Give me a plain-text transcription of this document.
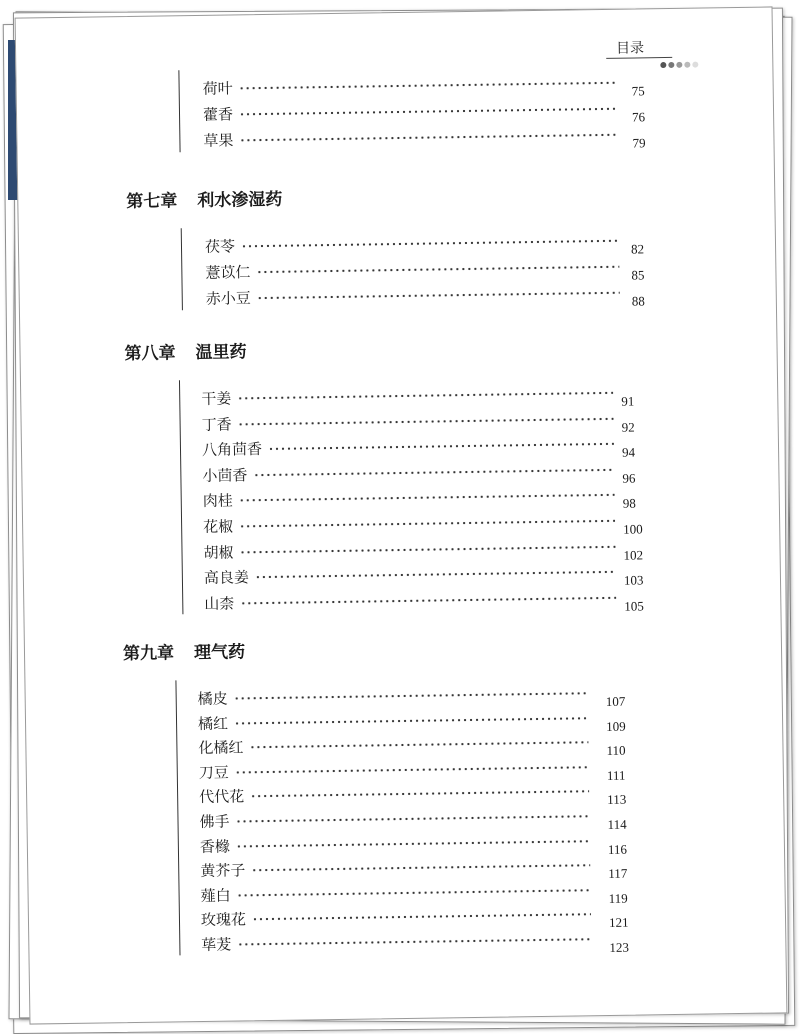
目录
荷叶	75
藿香	76
草果	79
第七章 利水渗湿药
茯苓	82
薏苡仁	85
赤小豆	88
第八章 温里药
干姜	91
丁香	92
八角茴香	94
小茴香	96
肉桂	98
花椒	100
胡椒	102
高良姜	103
山柰	105
第九章 理气药
橘皮	107
橘红	109
化橘红	110
刀豆	111
代代花	113
佛手	114
香橼	116
黄芥子	117
薤白	119
玫瑰花	121
荜茇	123
